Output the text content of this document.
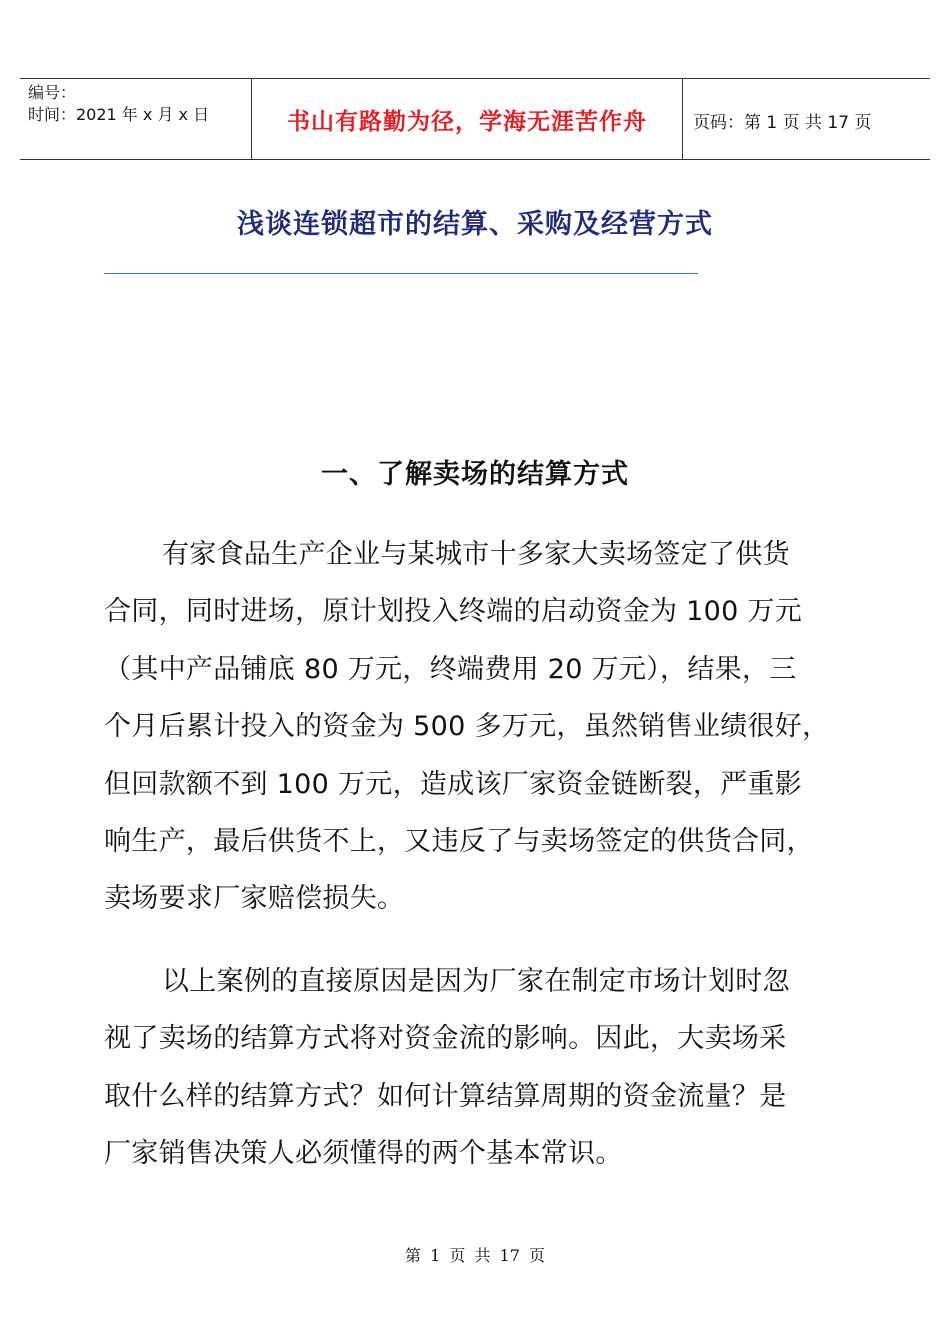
编号：
时间：2021 年 x 月 x 日	书山有路勤为径，学海无涯苦作舟	页码：第 1 页 共 17 页
浅谈连锁超市的结算、采购及经营方式
一、了解卖场的结算方式
有家食品生产企业与某城市十多家大卖场签定了供货
合同，同时进场，原计划投入终端的启动资金为 100 万元
（其中产品铺底 80 万元，终端费用 20 万元），结果，三
个月后累计投入的资金为 500 多万元，虽然销售业绩很好，
但回款额不到 100 万元，造成该厂家资金链断裂，严重影
响生产，最后供货不上，又违反了与卖场签定的供货合同，
卖场要求厂家赔偿损失。
以上案例的直接原因是因为厂家在制定市场计划时忽
视了卖场的结算方式将对资金流的影响。因此，大卖场采
取什么样的结算方式？如何计算结算周期的资金流量？是
厂家销售决策人必须懂得的两个基本常识。
第 1 页 共 17 页
